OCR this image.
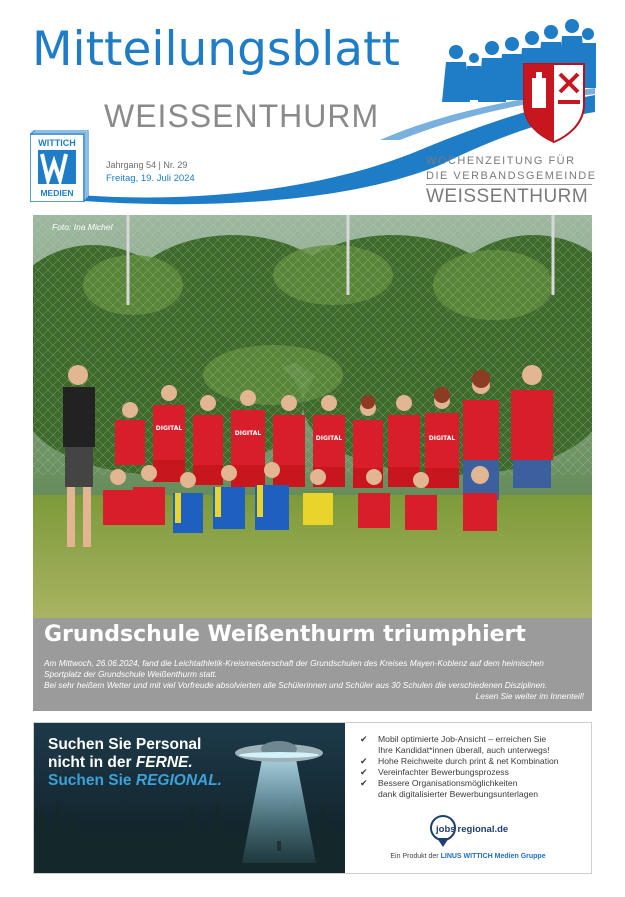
Mitteilungsblatt
WEISSENTHURM
WITTICH
MEDIEN
Jahrgang 54 | Nr. 29
Freitag, 19. Juli 2024
WOCHENZEITUNG FÜR
DIE VERBANDSGEMEINDE
WEISSENTHURM
DIGITAL
DIGITAL
DIGITAL	DIGITAL
Foto: Ina Michel
Grundschule Weißenthurm triumphiert
Am Mittwoch, 26.06.2024, fand die Leichtathletik-Kreismeisterschaft der Grundschulen des Kreises Mayen-Koblenz auf dem heimischen
Sportplatz der Grundschule Weißenthurm statt.
Bei sehr heißem Wetter und mit viel Vorfreude absolvierten alle Schülerinnen und Schüler aus 30 Schulen die verschiedenen Disziplinen.
Lesen Sie weiter im Innenteil!
Suchen Sie Personal
nicht in der FERNE.
Suchen Sie REGIONAL.
✔ Mobil optimierte Job-Ansicht – erreichen Sie
Ihre Kandidat*innen überall, auch unterwegs!
✔ Hohe Reichweite durch print & net Kombination
✔ Vereinfachter Bewerbungsprozess
✔ Bessere Organisationsmöglichkeiten
dank digitalisierter Bewerbungsunterlagen
jobs regional.de
Ein Produkt der LINUS WITTICH Medien Gruppe
